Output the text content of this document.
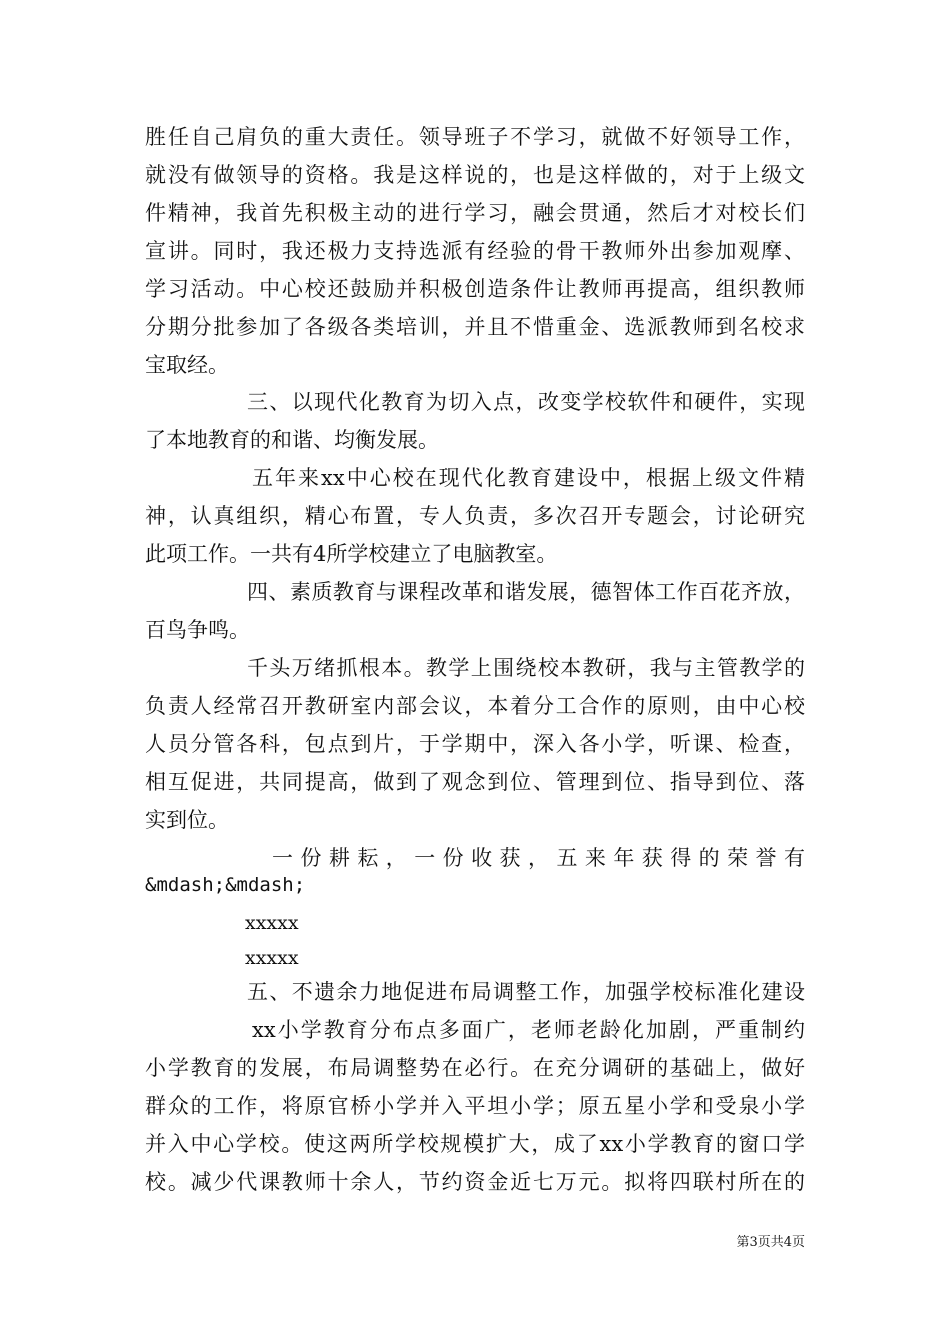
胜任自己肩负的重大责任。领导班子不学习，就做不好领导工作，
就没有做领导的资格。我是这样说的，也是这样做的，对于上级文
件精神，我首先积极主动的进行学习，融会贯通，然后才对校长们
宣讲。同时，我还极力支持选派有经验的骨干教师外出参加观摩、
学习活动。中心校还鼓励并积极创造条件让教师再提高，组织教师
分期分批参加了各级各类培训，并且不惜重金、选派教师到名校求
宝取经。
三、以现代化教育为切入点，改变学校软件和硬件，实现
了本地教育的和谐、均衡发展。
五年来xx中心校在现代化教育建设中，根据上级文件精
神，认真组织，精心布置，专人负责，多次召开专题会，讨论研究
此项工作。一共有4所学校建立了电脑教室。
四、素质教育与课程改革和谐发展，德智体工作百花齐放，
百鸟争鸣。
千头万绪抓根本。教学上围绕校本教研，我与主管教学的
负责人经常召开教研室内部会议，本着分工合作的原则，由中心校
人员分管各科，包点到片，于学期中，深入各小学，听课、检查，
相互促进，共同提高，做到了观念到位、管理到位、指导到位、落
实到位。
一份耕耘，一份收获，五来年获得的荣誉有
&mdash;&mdash;
xxxxx
xxxxx
五、不遗余力地促进布局调整工作，加强学校标准化建设
xx小学教育分布点多面广，老师老龄化加剧，严重制约
小学教育的发展，布局调整势在必行。在充分调研的基础上，做好
群众的工作，将原官桥小学并入平坦小学；原五星小学和受泉小学
并入中心学校。使这两所学校规模扩大，成了xx小学教育的窗口学
校。减少代课教师十余人，节约资金近七万元。拟将四联村所在的
第3页共4页
